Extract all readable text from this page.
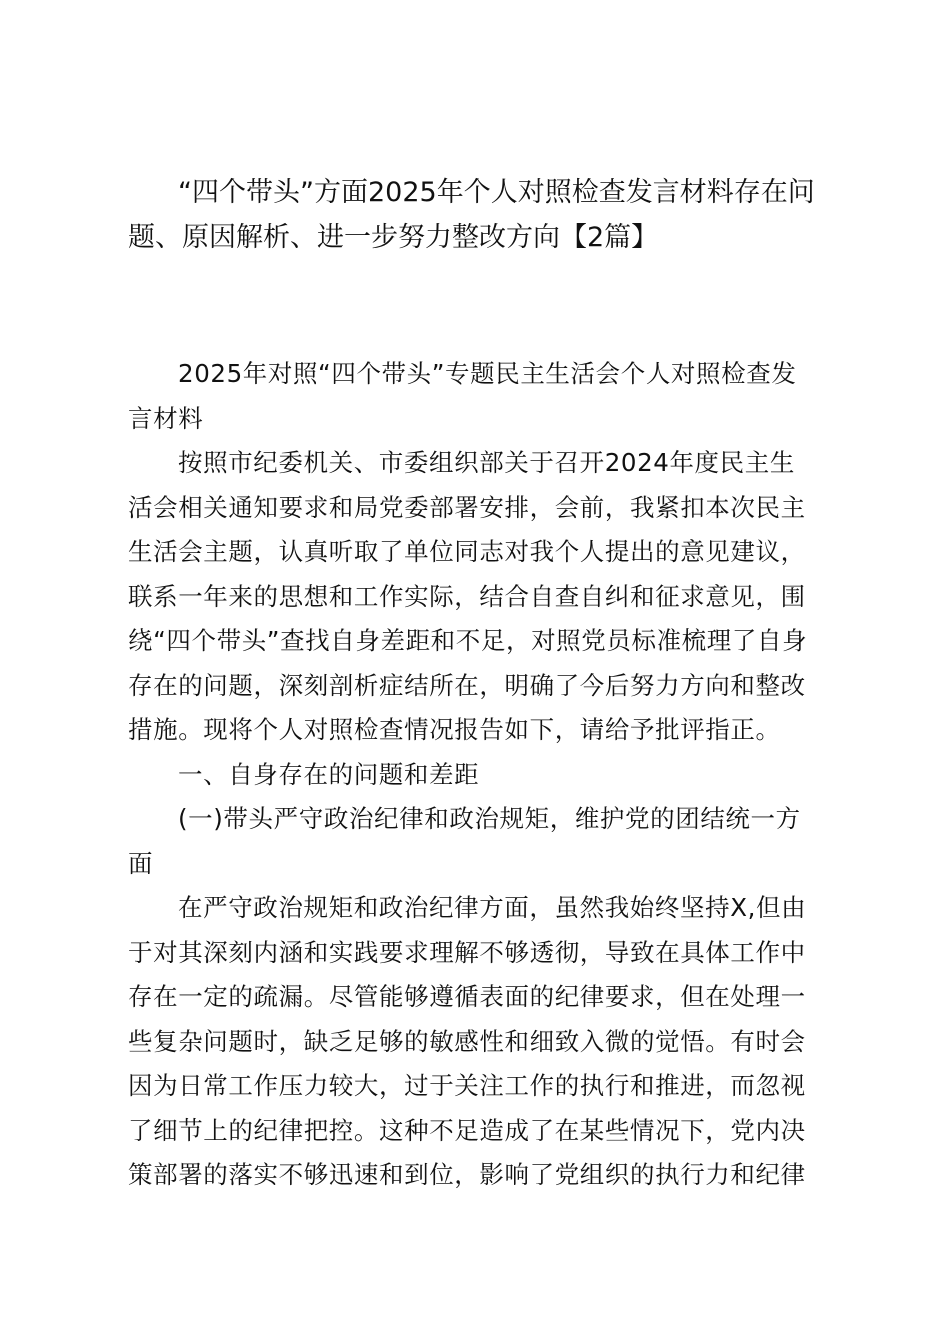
“四个带头”方面2025年个人对照检查发言材料存在问题、原因解析、进一步努力整改方向【2篇】

2025年对照“四个带头”专题民主生活会个人对照检查发言材料

按照市纪委机关、市委组织部关于召开2024年度民主生活会相关通知要求和局党委部署安排，会前，我紧扣本次民主生活会主题，认真听取了单位同志对我个人提出的意见建议，联系一年来的思想和工作实际，结合自查自纠和征求意见，围绕“四个带头”查找自身差距和不足，对照党员标准梳理了自身存在的问题，深刻剖析症结所在，明确了今后努力方向和整改措施。现将个人对照检查情况报告如下，请给予批评指正。

一、自身存在的问题和差距

(一)带头严守政治纪律和政治规矩，维护党的团结统一方面

在严守政治规矩和政治纪律方面，虽然我始终坚持X,但由于对其深刻内涵和实践要求理解不够透彻，导致在具体工作中存在一定的疏漏。尽管能够遵循表面的纪律要求，但在处理一些复杂问题时，缺乏足够的敏感性和细致入微的觉悟。有时会因为日常工作压力较大，过于关注工作的执行和推进，而忽视了细节上的纪律把控。这种不足造成了在某些情况下，党内决策部署的落实不够迅速和到位，影响了党组织的执行力和纪律
